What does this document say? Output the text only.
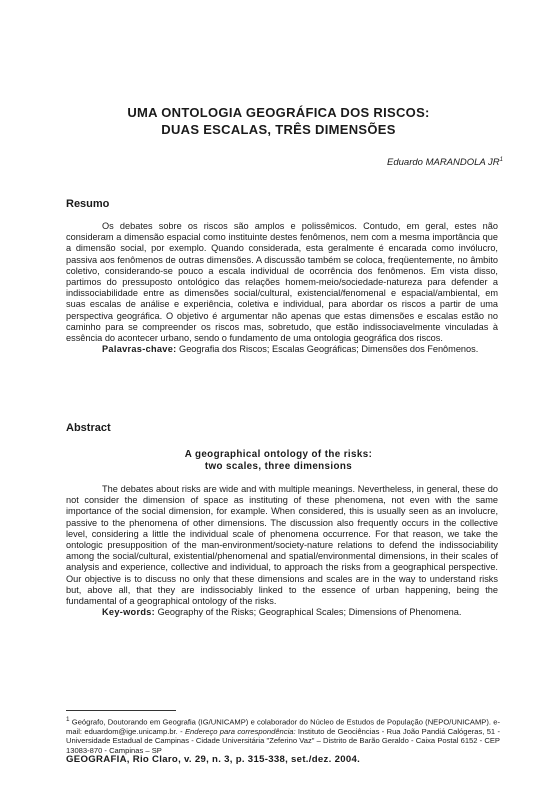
UMA ONTOLOGIA GEOGRÁFICA DOS RISCOS:
DUAS ESCALAS, TRÊS DIMENSÕES
Eduardo MARANDOLA $JR^1$
Resumo

Os debates sobre os riscos são amplos e polissêmicos. Contudo, em geral, estes não consideram a dimensão espacial como instituinte destes fenômenos, nem com a mesma importância que a dimensão social, por exemplo. Quando considerada, esta geralmente é encarada como invólucro, passiva aos fenômenos de outras dimensões. A discussão também se coloca, freqüentemente, no âmbito coletivo, considerando-se pouco a escala individual de ocorrência dos fenômenos. Em vista disso, partimos do pressuposto ontológico das relações homem-meio/sociedade-natureza para defender a indissociabilidade entre as dimensões social/cultural, existencial/fenomenal e espacial/ambiental, em suas escalas de análise e experiência, coletiva e individual, para abordar os riscos a partir de uma perspectiva geográfica. O objetivo é argumentar não apenas que estas dimensões e escalas estão no caminho para se compreender os riscos mas, sobretudo, que estão indissociavelmente vinculadas à essência do acontecer urbano, sendo o fundamento de uma ontologia geográfica dos riscos.

Palavras-chave: Geografia dos Riscos; Escalas Geográficas; Dimensões dos Fenômenos.

Abstract
A geographical ontology of the risks:
two scales, three dimensions

The debates about risks are wide and with multiple meanings. Nevertheless, in general, these do not consider the dimension of space as instituting of these phenomena, not even with the same importance of the social dimension, for example. When considered, this is usually seen as an involucre, passive to the phenomena of other dimensions. The discussion also frequently occurs in the collective level, considering a little the individual scale of phenomena occurrence. For that reason, we take the ontologic presupposition of the man-environment/society-nature relations to defend the indissociability among the social/cultural, existential/phenomenal and spatial/environmental dimensions, in their scales of analysis and experience, collective and individual, to approach the risks from a geographical perspective. Our objective is to discuss no only that these dimensions and scales are in the way to understand risks but, above all, that they are indissociably linked to the essence of urban happening, being the fundamental of a geographical ontology of the risks.

Key-words: Geography of the Risks; Geographical Scales; Dimensions of Phenomena.

$^1$ Geógrafo, Doutorando em Geografia (IG/UNICAMP) e colaborador do Núcleo de Estudos de População (NEPO/UNICAMP). e-mail: eduardom@ige.unicamp.br. - Endereço para correspondência: Instituto de Geociências - Rua João Pandiá Calógeras, 51 - Universidade Estadual de Campinas - Cidade Universitária "Zeferino Vaz" – Distrito de Barão Geraldo - Caixa Postal 6152 - CEP 13083-870 - Campinas – SP
GEOGRAFIA, Rio Claro, v. 29, n. 3, p. 315-338, set./dez. 2004.
